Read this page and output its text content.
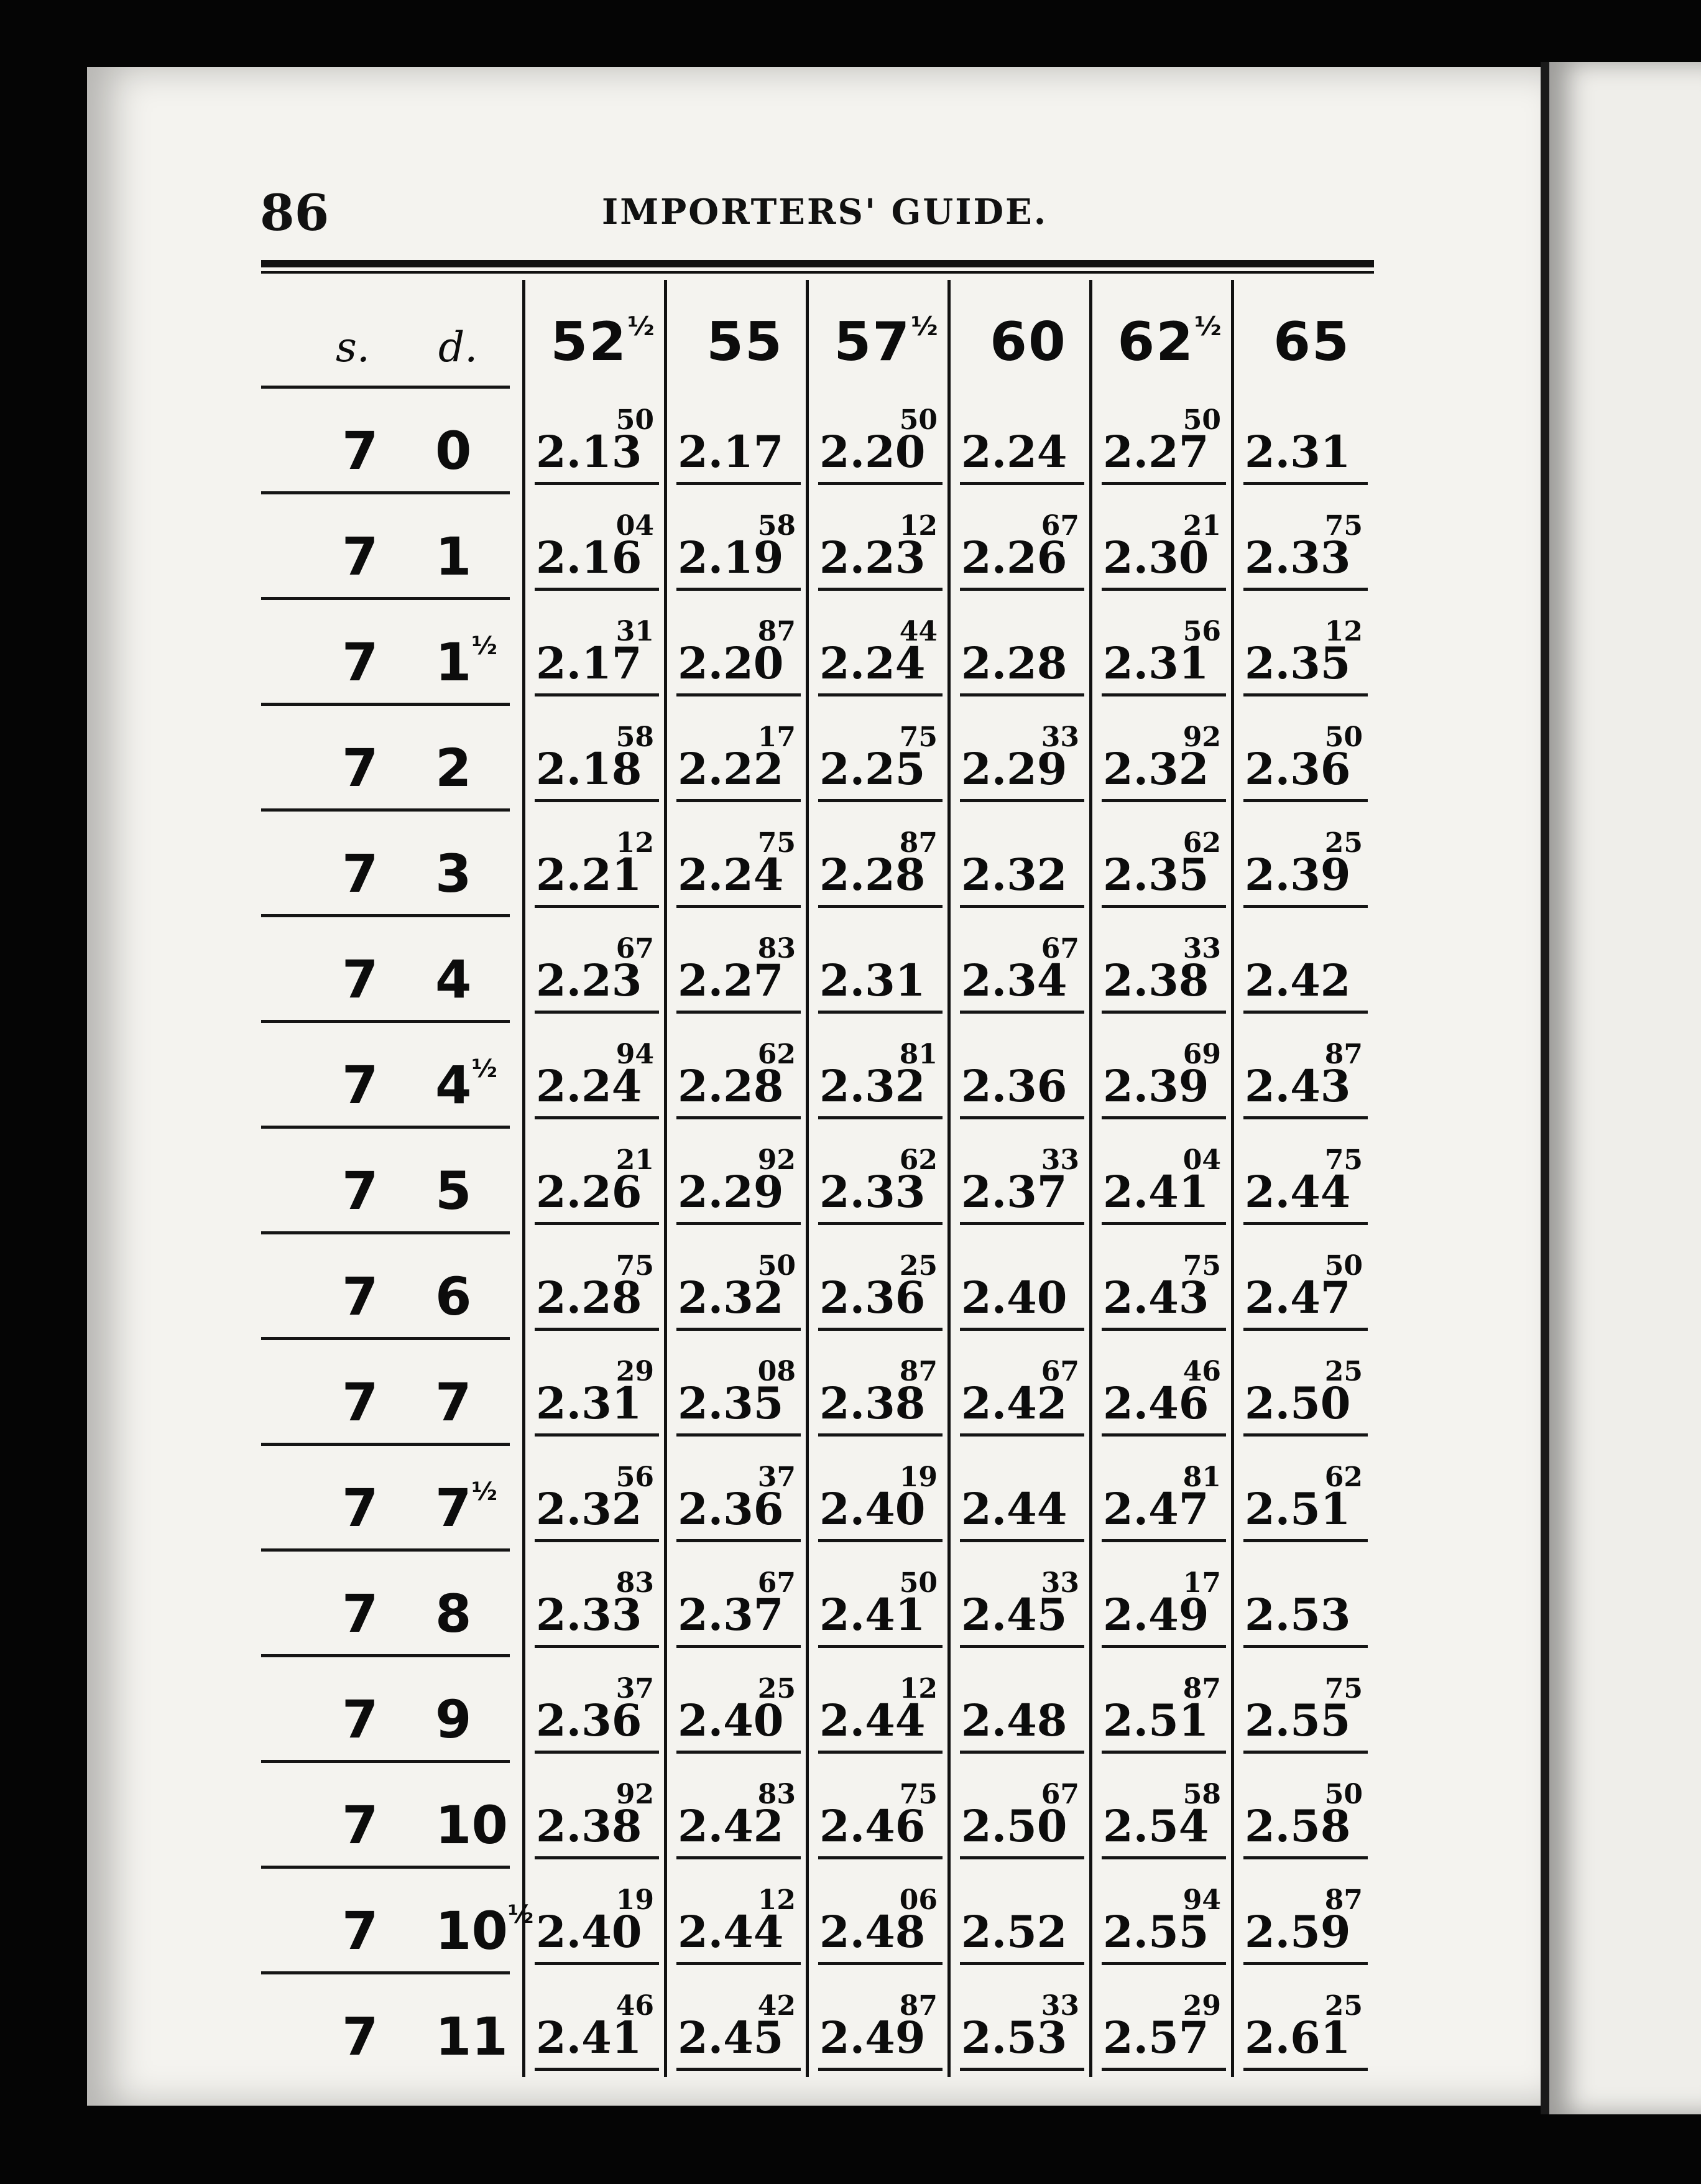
86	IMPORTERS' GUIDE.
s. d. $52^{\frac{1}{2}}$ 55 $57^{\frac{1}{2}}$ 60 $62^{\frac{1}{2}}$ 65
7 0 2.13
50
2.17 2.20
50
2.24 2.27
50
2.31
7 1 2.16
04
2.19
58
2.23
12
2.26
67
2.30
21
2.33
75
7 $1^{\frac{1}{2}}$ 2.17
31
2.20
87
2.24
44
2.28 2.31
56
2.35
12
7 2 2.18
58
2.22
17
2.25
75
2.29
33
2.32
92
2.36
50
7 3 2.21
12
2.24
75
2.28
87
2.32 2.35
62
2.39
25
7 4 2.23
67
2.27
83
2.31 2.34
67
2.38
33
2.42
7 $4^{\frac{1}{2}}$ 2.24
94
2.28
62
2.32
81
2.36 2.39
69
2.43
87
7 5 2.26
21
2.29
92
2.33
62
2.37
33
2.41
04
2.44
75
7 6 2.28
75
2.32
50
2.36
25
2.40 2.43
75
2.47
50
7 7 2.31
29
2.35
08
2.38
87
2.42
67
2.46
46
2.50
25
7 $7^{\frac{1}{2}}$ 2.32
56
2.36
37
2.40
19
2.44 2.47
81
2.51
62
7 8 2.33
83
2.37
67
2.41
50
2.45
33
2.49
17
2.53
7 9 2.36
37
2.40
25
2.44
12
2.48 2.51
87
2.55
75
7 10 2.38
92
2.42
83
2.46
75
2.50
67
2.54
58
2.58
50
7 $10^{\frac{1}{2}}$ 2.40
19
2.44
12
2.48
06
2.52 2.55
94
2.59
87
7 11 2.41
46
2.45
42
2.49
87
2.53
33
2.57
29
2.61
25
